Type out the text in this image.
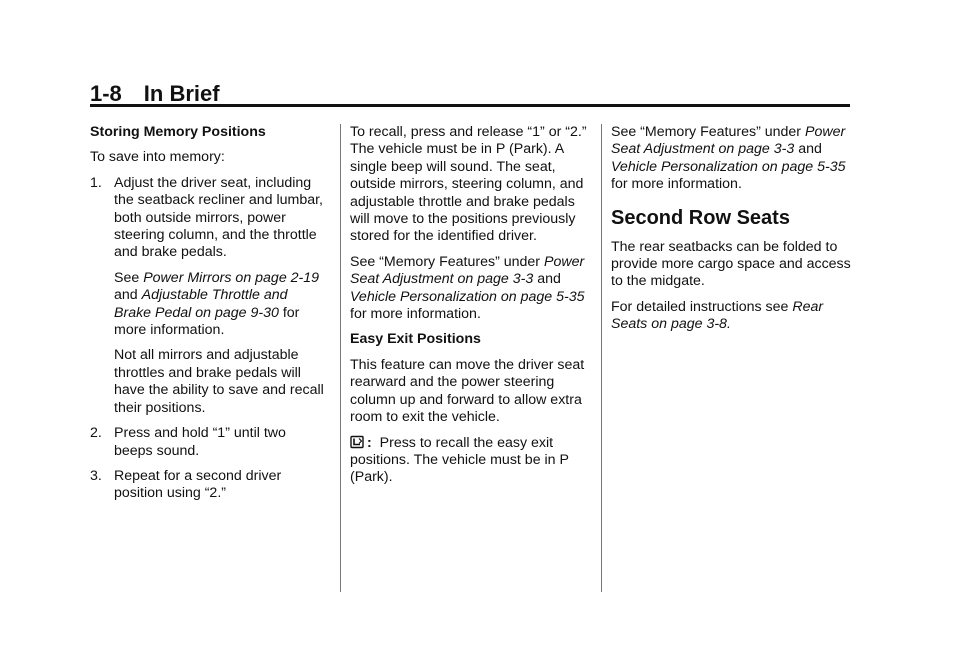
1-8 In Brief

Storing Memory Positions

To save into memory:

1. Adjust the driver seat, including the seatback recliner and lumbar, both outside mirrors, power steering column, and the throttle and brake pedals.

See Power Mirrors on page 2-19 and Adjustable Throttle and Brake Pedal on page 9-30 for more information.

Not all mirrors and adjustable throttles and brake pedals will have the ability to save and recall their positions.

2. Press and hold “1” until two beeps sound.
3. Repeat for a second driver position using “2.”

To recall, press and release “1” or “2.” The vehicle must be in P (Park). A single beep will sound. The seat, outside mirrors, steering column, and adjustable throttle and brake pedals will move to the positions previously stored for the identified driver.

See “Memory Features” under Power Seat Adjustment on page 3-3 and Vehicle Personalization on page 5-35 for more information.

Easy Exit Positions

This feature can move the driver seat rearward and the power steering column up and forward to allow extra room to exit the vehicle.

: Press to recall the easy exit positions. The vehicle must be in P (Park).

See “Memory Features” under Power Seat Adjustment on page 3-3 and Vehicle Personalization on page 5-35 for more information.

Second Row Seats

The rear seatbacks can be folded to provide more cargo space and access to the midgate.

For detailed instructions see Rear Seats on page 3-8.
